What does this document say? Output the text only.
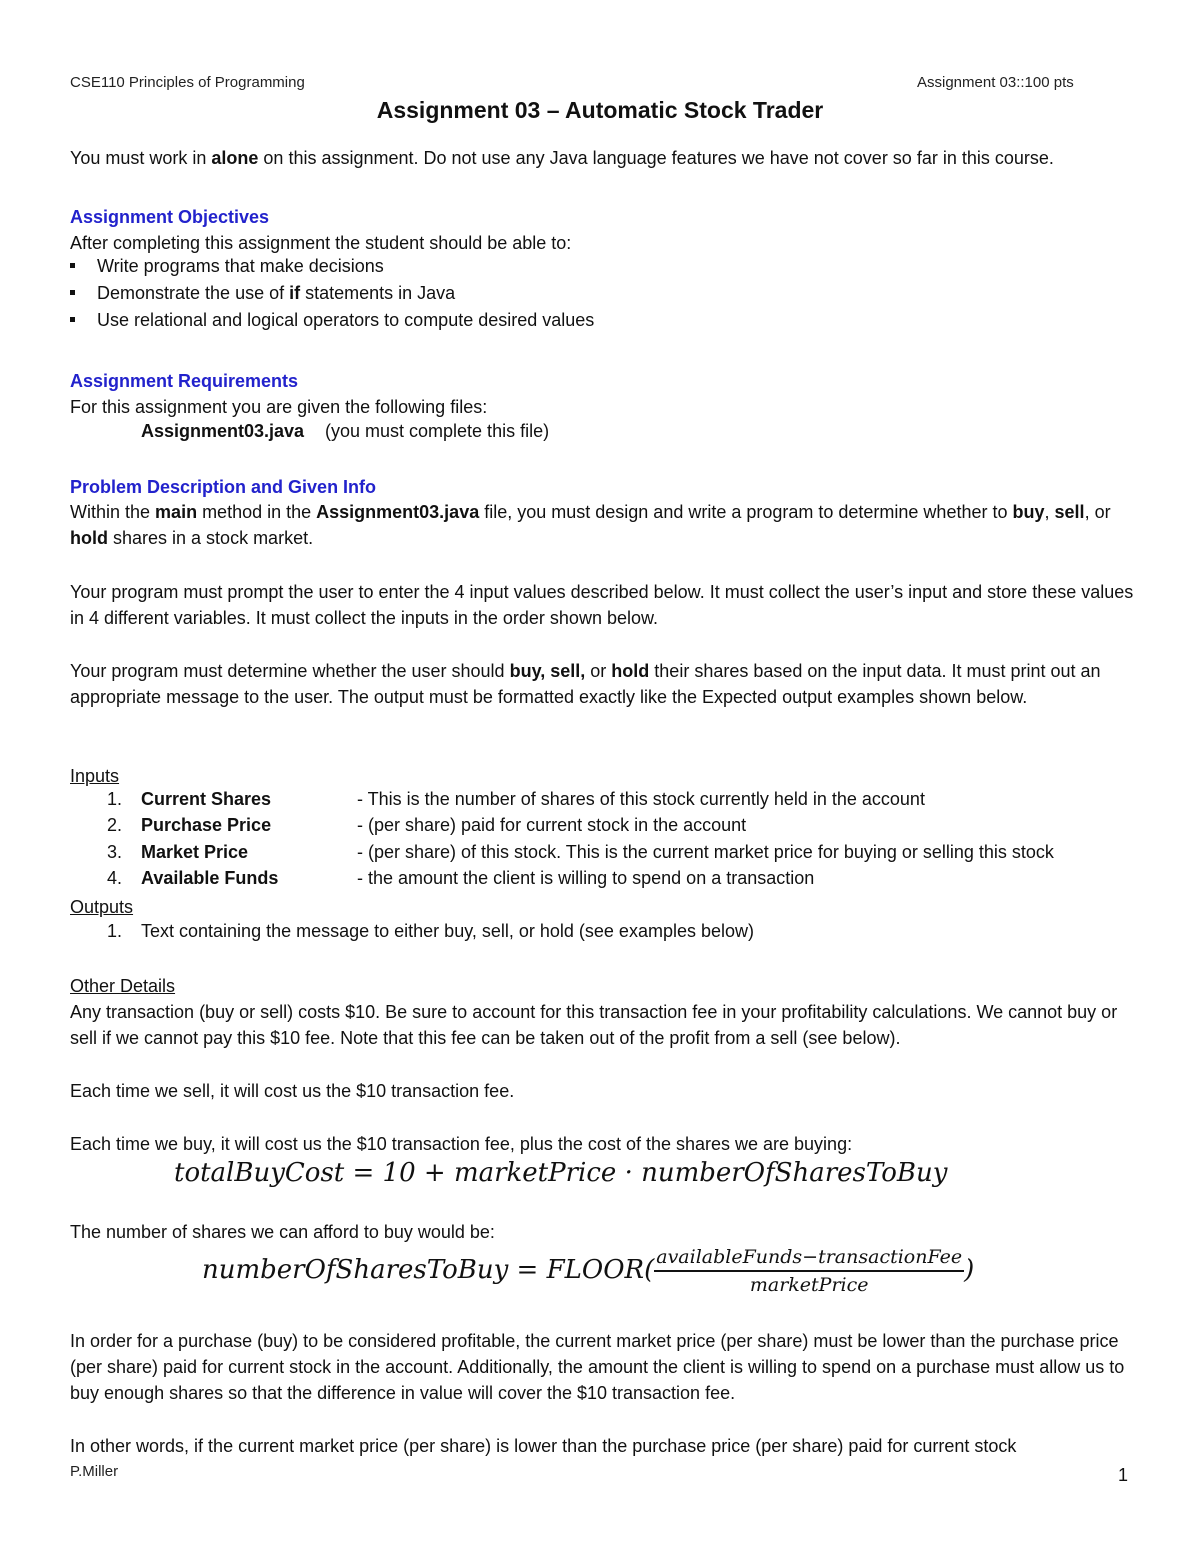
CSE110 Principles of Programming	Assignment 03::100 pts
Assignment 03 – Automatic Stock Trader
You must work in alone on this assignment. Do not use any Java language features we have not cover so far in this course.
Assignment Objectives
After completing this assignment the student should be able to:
Write programs that make decisions
Demonstrate the use of if statements in Java
Use relational and logical operators to compute desired values
Assignment Requirements
For this assignment you are given the following files:
Assignment03.java (you must complete this file)
Problem Description and Given Info

Within the main method in the Assignment03.java file, you must design and write a program to determine whether to buy, sell, or hold shares in a stock market.

Your program must prompt the user to enter the 4 input values described below. It must collect the user’s input and store these values in 4 different variables. It must collect the inputs in the order shown below.

Your program must determine whether the user should buy, sell, or hold their shares based on the input data. It must print out an appropriate message to the user. The output must be formatted exactly like the Expected output examples shown below.

Inputs
1. Current Shares	- This is the number of shares of this stock currently held in the account
2. Purchase Price	- (per share) paid for current stock in the account
3. Market Price	- (per share) of this stock. This is the current market price for buying or selling this stock
4. Available Funds	- the amount the client is willing to spend on a transaction
Outputs
1. Text containing the message to either buy, sell, or hold (see examples below)
Other Details

Any transaction (buy or sell) costs $10. Be sure to account for this transaction fee in your profitability calculations. We cannot buy or sell if we cannot pay this $10 fee. Note that this fee can be taken out of the profit from a sell (see below).

Each time we sell, it will cost us the $10 transaction fee.
Each time we buy, it will cost us the $10 transaction fee, plus the cost of the shares we are buying:
totalBuyCost = 10 + marketPrice · numberOfSharesToBuy
The number of shares we can afford to buy would be:
numberOfSharesToBuy = FLOOR( $\frac{\text{availableFunds−transactionFee}}{\text{marketPrice}}$ )

In order for a purchase (buy) to be considered profitable, the current market price (per share) must be lower than the purchase price (per share) paid for current stock in the account. Additionally, the amount the client is willing to spend on a purchase must allow us to buy enough shares so that the difference in value will cover the $10 transaction fee.

In other words, if the current market price (per share) is lower than the purchase price (per share) paid for current stock
P.Miller	1
